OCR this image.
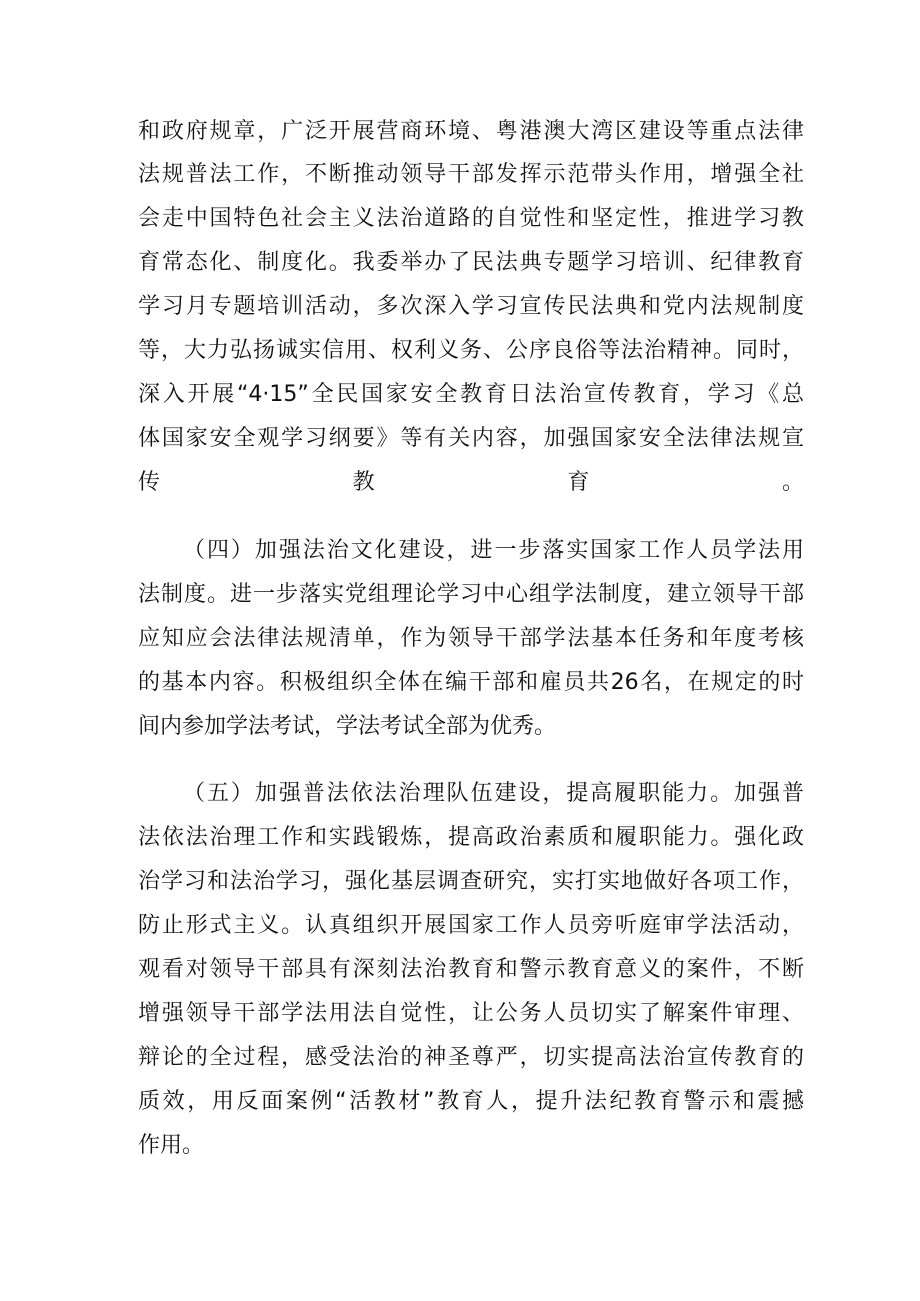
和政府规章，广泛开展营商环境、粤港澳大湾区建设等重点法律
法规普法工作，不断推动领导干部发挥示范带头作用，增强全社
会走中国特色社会主义法治道路的自觉性和坚定性，推进学习教
育常态化、制度化。我委举办了民法典专题学习培训、纪律教育
学习月专题培训活动，多次深入学习宣传民法典和党内法规制度
等，大力弘扬诚实信用、权利义务、公序良俗等法治精神。同时，
深入开展“4·15”全民国家安全教育日法治宣传教育，学习《总
体国家安全观学习纲要》等有关内容，加强国家安全法律法规宣
传教育。
（四）加强法治文化建设，进一步落实国家工作人员学法用
法制度。进一步落实党组理论学习中心组学法制度，建立领导干部
应知应会法律法规清单，作为领导干部学法基本任务和年度考核
的基本内容。积极组织全体在编干部和雇员共26名，在规定的时
间内参加学法考试，学法考试全部为优秀。
（五）加强普法依法治理队伍建设，提高履职能力。加强普
法依法治理工作和实践锻炼，提高政治素质和履职能力。强化政
治学习和法治学习，强化基层调查研究，实打实地做好各项工作，
防止形式主义。认真组织开展国家工作人员旁听庭审学法活动，
观看对领导干部具有深刻法治教育和警示教育意义的案件，不断
增强领导干部学法用法自觉性，让公务人员切实了解案件审理、
辩论的全过程，感受法治的神圣尊严，切实提高法治宣传教育的
质效，用反面案例“活教材”教育人，提升法纪教育警示和震撼
作用。
